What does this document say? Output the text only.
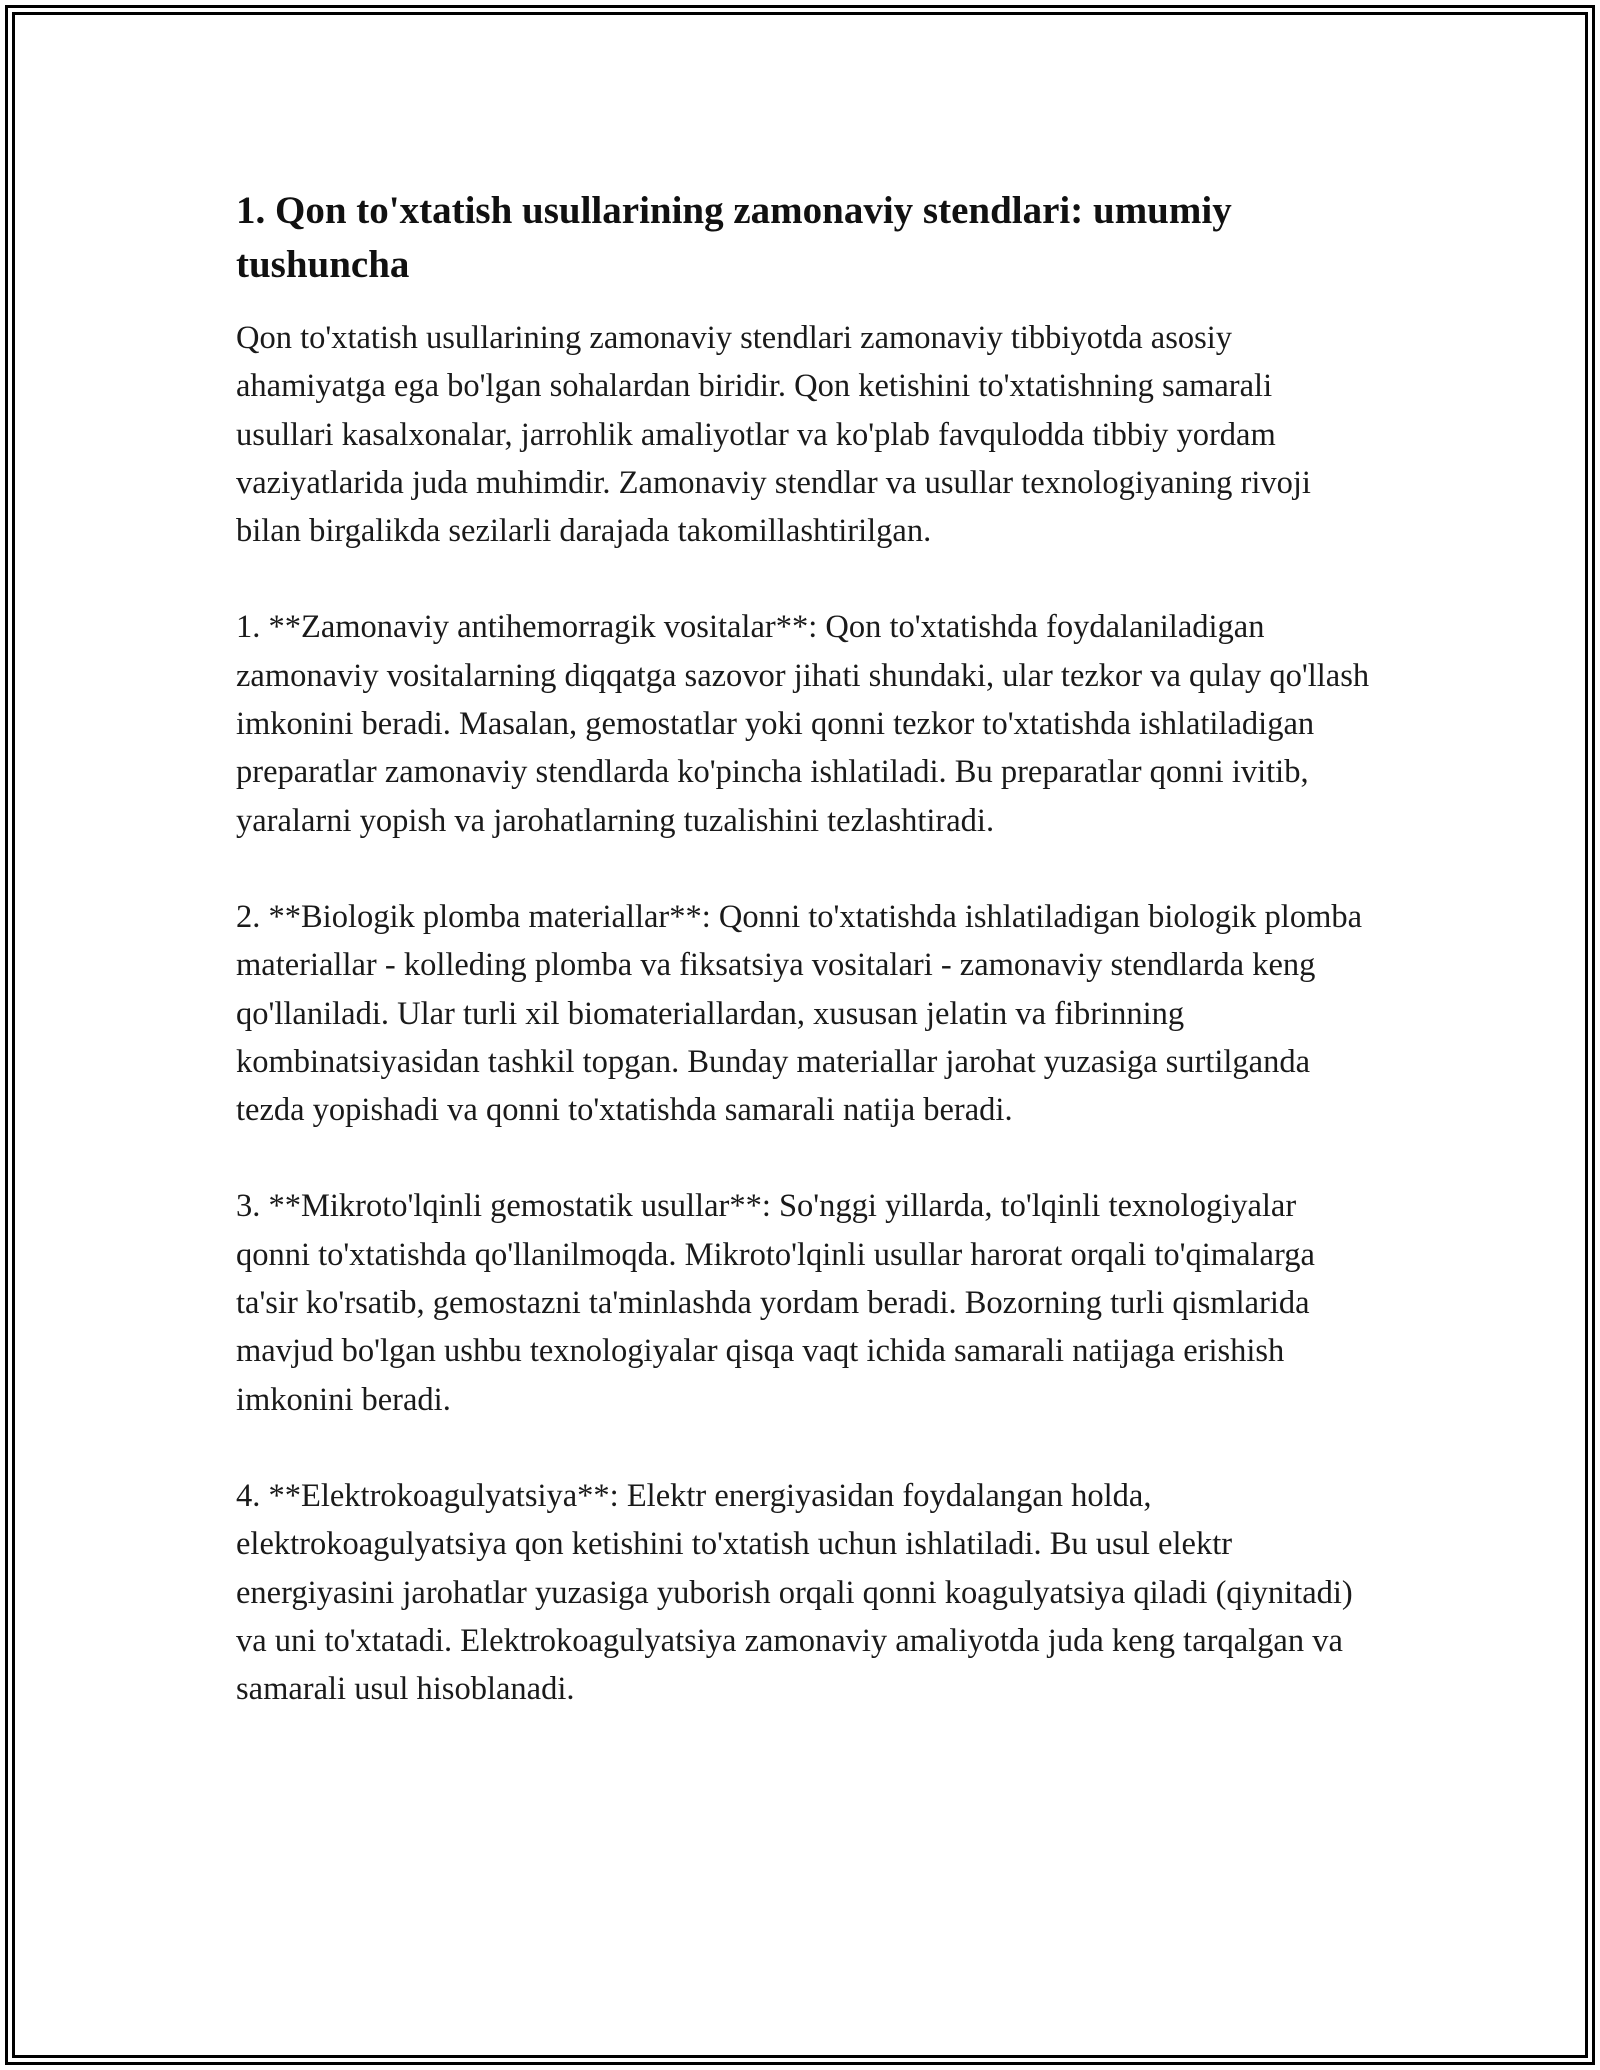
1. Qon to'xtatish usullarining zamonaviy stendlari: umumiy tushuncha

Qon to'xtatish usullarining zamonaviy stendlari zamonaviy tibbiyotda asosiy ahamiyatga ega bo'lgan sohalardan biridir. Qon ketishini to'xtatishning samarali usullari kasalxonalar, jarrohlik amaliyotlar va ko'plab favqulodda tibbiy yordam vaziyatlarida juda muhimdir. Zamonaviy stendlar va usullar texnologiyaning rivoji bilan birgalikda sezilarli darajada takomillashtirilgan.

1. **Zamonaviy antihemorragik vositalar**: Qon to'xtatishda foydalaniladigan zamonaviy vositalarning diqqatga sazovor jihati shundaki, ular tezkor va qulay qo'llash imkonini beradi. Masalan, gemostatlar yoki qonni tezkor to'xtatishda ishlatiladigan preparatlar zamonaviy stendlarda ko'pincha ishlatiladi. Bu preparatlar qonni ivitib, yaralarni yopish va jarohatlarning tuzalishini tezlashtiradi.

2. **Biologik plomba materiallar**: Qonni to'xtatishda ishlatiladigan biologik plomba materiallar - kolleding plomba va fiksatsiya vositalari - zamonaviy stendlarda keng qo'llaniladi. Ular turli xil biomateriallardan, xususan jelatin va fibrinning kombinatsiyasidan tashkil topgan. Bunday materiallar jarohat yuzasiga surtilganda tezda yopishadi va qonni to'xtatishda samarali natija beradi.

3. **Mikroto'lqinli gemostatik usullar**: So'nggi yillarda, to'lqinli texnologiyalar qonni to'xtatishda qo'llanilmoqda. Mikroto'lqinli usullar harorat orqali to'qimalarga ta'sir ko'rsatib, gemostazni ta'minlashda yordam beradi. Bozorning turli qismlarida mavjud bo'lgan ushbu texnologiyalar qisqa vaqt ichida samarali natijaga erishish imkonini beradi.

4. **Elektrokoagulyatsiya**: Elektr energiyasidan foydalangan holda, elektrokoagulyatsiya qon ketishini to'xtatish uchun ishlatiladi. Bu usul elektr energiyasini jarohatlar yuzasiga yuborish orqali qonni koagulyatsiya qiladi (qiynitadi) va uni to'xtatadi. Elektrokoagulyatsiya zamonaviy amaliyotda juda keng tarqalgan va samarali usul hisoblanadi.
